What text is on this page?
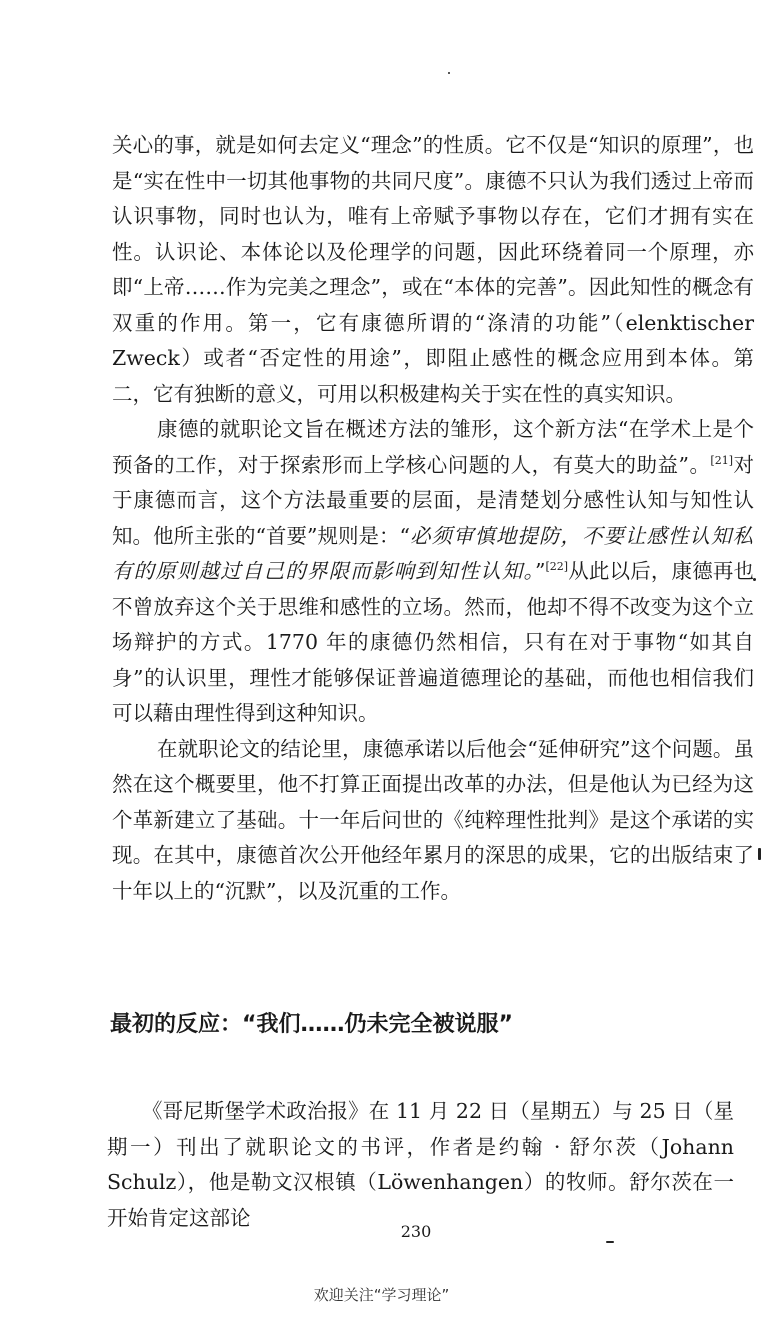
关心的事，就是如何去定义“理念”的性质。它不仅是“知识的原理”，也是“实在性中一切其他事物的共同尺度”。康德不只认为我们透过上帝而认识事物，同时也认为，唯有上帝赋予事物以存在，它们才拥有实在性。认识论、本体论以及伦理学的问题，因此环绕着同一个原理，亦即“上帝……作为完美之理念”，或在“本体的完善”。因此知性的概念有双重的作用。第一，它有康德所谓的“涤清的功能”（elenktischer Zweck）或者“否定性的用途”，即阻止感性的概念应用到本体。第二，它有独断的意义，可用以积极建构关于实在性的真实知识。

康德的就职论文旨在概述方法的雏形，这个新方法“在学术上是个预备的工作，对于探索形而上学核心问题的人，有莫大的助益”。[21]对于康德而言，这个方法最重要的层面，是清楚划分感性认知与知性认知。他所主张的“首要”规则是：“必须审慎地提防，不要让感性认知私有的原则越过自己的界限而影响到知性认知。”[22]从此以后，康德再也不曾放弃这个关于思维和感性的立场。然而，他却不得不改变为这个立场辩护的方式。1770 年的康德仍然相信，只有在对于事物“如其自身”的认识里，理性才能够保证普遍道德理论的基础，而他也相信我们可以藉由理性得到这种知识。

在就职论文的结论里，康德承诺以后他会“延伸研究”这个问题。虽然在这个概要里，他不打算正面提出改革的办法，但是他认为已经为这个革新建立了基础。十一年后问世的《纯粹理性批判》是这个承诺的实现。在其中，康德首次公开他经年累月的深思的成果，它的出版结束了十年以上的“沉默”，以及沉重的工作。

最初的反应：“我们……仍未完全被说服”

《哥尼斯堡学术政治报》在 11 月 22 日（星期五）与 25 日（星期一）刊出了就职论文的书评，作者是约翰 · 舒尔茨（Johann Schulz），他是勒文汉根镇（Löwenhangen）的牧师。舒尔茨在一开始肯定这部论

230
欢迎关注“学习理论”
